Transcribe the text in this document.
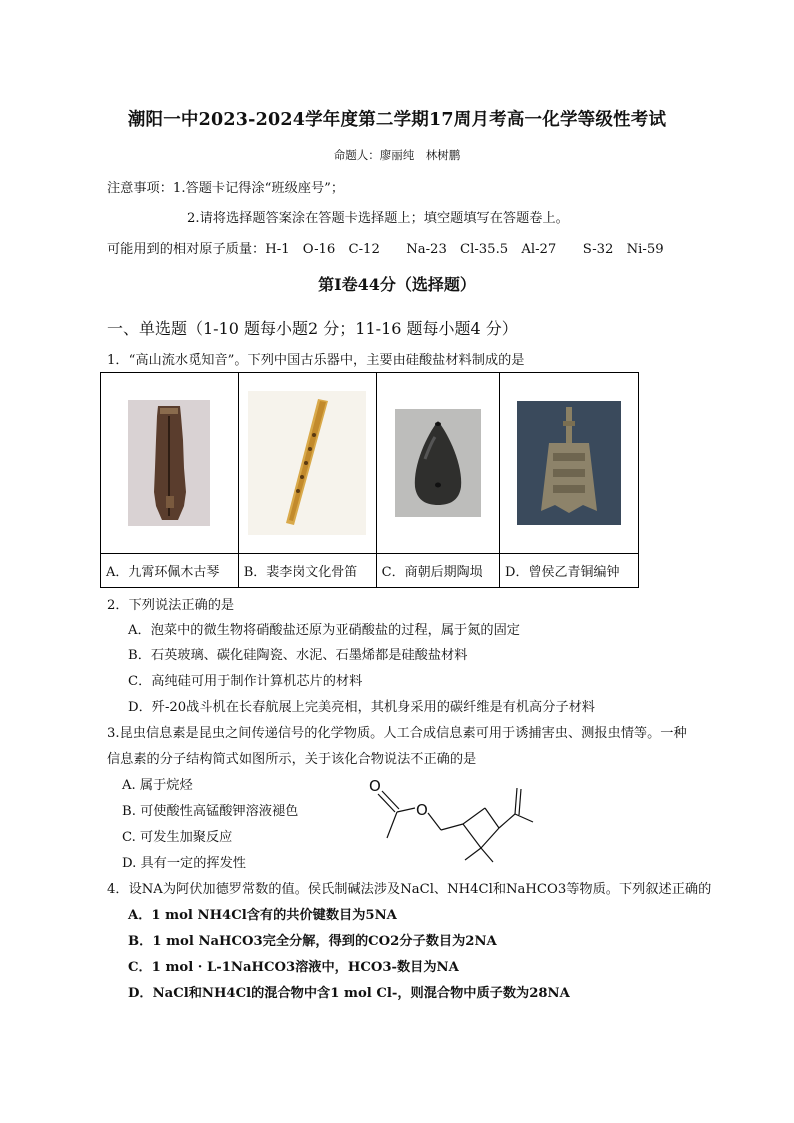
潮阳一中2023-2024学年度第二学期17周月考高一化学等级性考试
命题人：廖丽纯　林树鹏
注意事项：1.答题卡记得涂“班级座号”；
2.请将选择题答案涂在答题卡选择题上；填空题填写在答题卷上。
可能用到的相对原子质量：H-1　O-16　C-12　　Na-23　Cl-35.5　Al-27　　S-32　Ni-59
第Ⅰ卷44分（选择题）
一、单选题（1-10 题每小题2 分；11-16 题每小题4 分）
1．“高山流水觅知音”。下列中国古乐器中，主要由硅酸盐材料制成的是

A．九霄环佩木古琴	B．裴李岗文化骨笛	C．商朝后期陶埙	D．曾侯乙青铜编钟
2．下列说法正确的是
A．泡菜中的微生物将硝酸盐还原为亚硝酸盐的过程，属于氮的固定
B．石英玻璃、碳化硅陶瓷、水泥、石墨烯都是硅酸盐材料
C．高纯硅可用于制作计算机芯片的材料
D．歼-20战斗机在长春航展上完美亮相，其机身采用的碳纤维是有机高分子材料
3.昆虫信息素是昆虫之间传递信号的化学物质。人工合成信息素可用于诱捕害虫、测报虫情等。一种
信息素的分子结构简式如图所示，关于该化合物说法不正确的是
A. 属于烷烃
B. 可使酸性高锰酸钾溶液褪色
C. 可发生加聚反应
D. 具有一定的挥发性
O
O
4．设NA为阿伏加德罗常数的值。侯氏制碱法涉及NaCl、NH4Cl和NaHCO3等物质。下列叙述正确的
A．1 mol NH4Cl含有的共价键数目为5NA
B．1 mol NaHCO3完全分解，得到的CO2分子数目为2NA
C．1 mol · L-1NaHCO3溶液中，HCO3-数目为NA
D．NaCl和NH4Cl的混合物中含1 mol Cl-，则混合物中质子数为28NA
